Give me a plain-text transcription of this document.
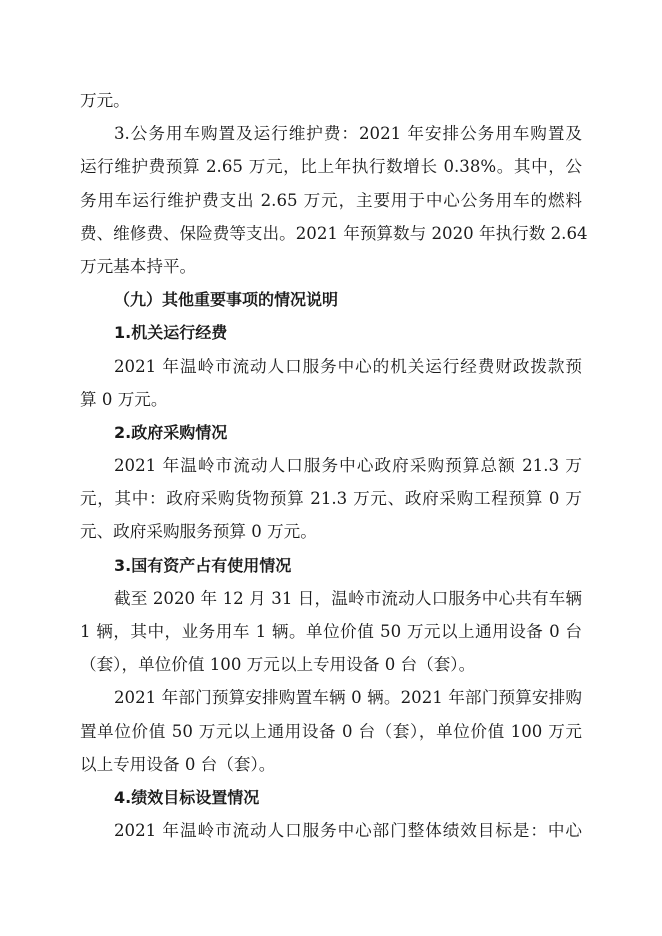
万元。
3.公务用车购置及运行维护费：2021 年安排公务用车购置及
运行维护费预算 2.65 万元，比上年执行数增长 0.38%。其中，公
务用车运行维护费支出 2.65 万元，主要用于中心公务用车的燃料
费、维修费、保险费等支出。2021 年预算数与 2020 年执行数 2.64
万元基本持平。
（九）其他重要事项的情况说明
1.机关运行经费
2021 年温岭市流动人口服务中心的机关运行经费财政拨款预
算 0 万元。
2.政府采购情况
2021 年温岭市流动人口服务中心政府采购预算总额 21.3 万
元，其中：政府采购货物预算 21.3 万元、政府采购工程预算 0 万
元、政府采购服务预算 0 万元。
3.国有资产占有使用情况
截至 2020 年 12 月 31 日，温岭市流动人口服务中心共有车辆
1 辆，其中，业务用车 1 辆。单位价值 50 万元以上通用设备 0 台
（套），单位价值 100 万元以上专用设备 0 台（套）。
2021 年部门预算安排购置车辆 0 辆。2021 年部门预算安排购
置单位价值 50 万元以上通用设备 0 台（套），单位价值 100 万元
以上专用设备 0 台（套）。
4.绩效目标设置情况
2021 年温岭市流动人口服务中心部门整体绩效目标是：中心
